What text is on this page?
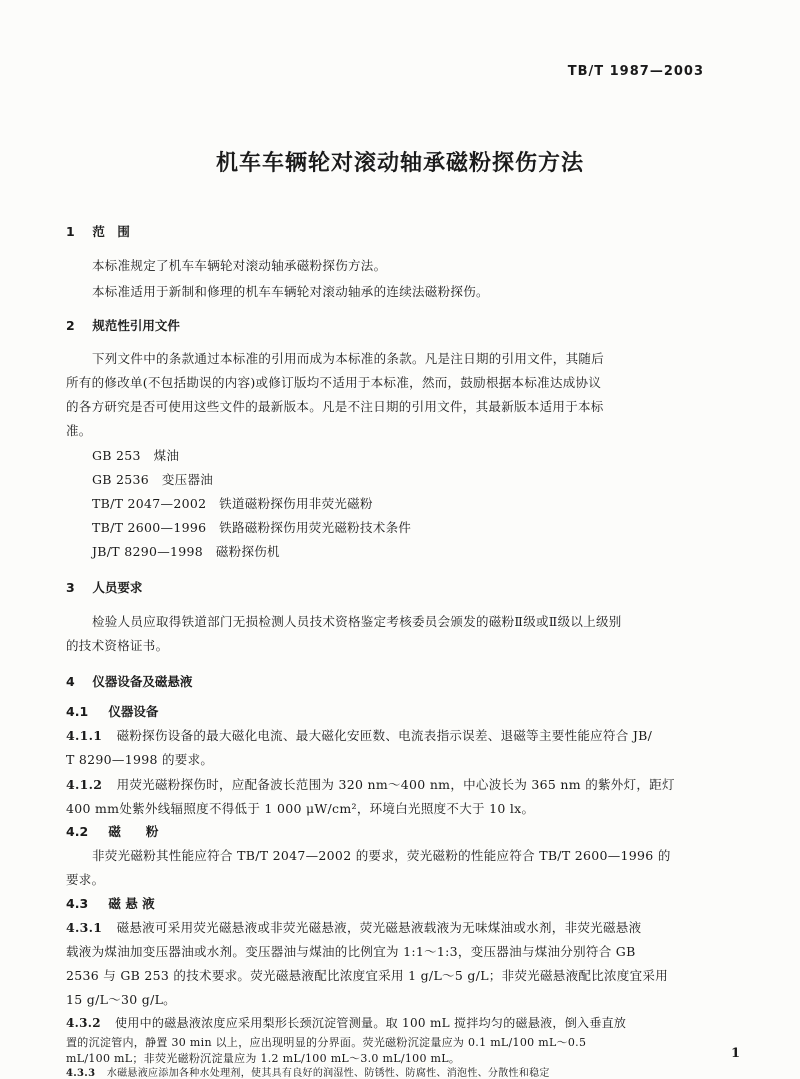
TB/T 1987—2003
机车车辆轮对滚动轴承磁粉探伤方法
1 范　围
本标准规定了机车车辆轮对滚动轴承磁粉探伤方法。
本标准适用于新制和修理的机车车辆轮对滚动轴承的连续法磁粉探伤。
2 规范性引用文件
下列文件中的条款通过本标准的引用而成为本标准的条款。凡是注日期的引用文件，其随后
所有的修改单(不包括勘误的内容)或修订版均不适用于本标准，然而，鼓励根据本标准达成协议
的各方研究是否可使用这些文件的最新版本。凡是不注日期的引用文件，其最新版本适用于本标
准。
GB 253　煤油
GB 2536　变压器油
TB/T 2047—2002　铁道磁粉探伤用非荧光磁粉
TB/T 2600—1996　铁路磁粉探伤用荧光磁粉技术条件
JB/T 8290—1998　磁粉探伤机
3 人员要求
检验人员应取得铁道部门无损检测人员技术资格鉴定考核委员会颁发的磁粉Ⅱ级或Ⅱ级以上级别
的技术资格证书。
4 仪器设备及磁悬液
4.1 仪器设备
4.1.1 磁粉探伤设备的最大磁化电流、最大磁化安匝数、电流表指示误差、退磁等主要性能应符合 JB/
T 8290—1998 的要求。
4.1.2 用荧光磁粉探伤时，应配备波长范围为 320 nm～400 nm，中心波长为 365 nm 的紫外灯，距灯
400 mm处紫外线辐照度不得低于 1 000 μW/cm²，环境白光照度不大于 10 lx。
4.2 磁　　粉
非荧光磁粉其性能应符合 TB/T 2047—2002 的要求，荧光磁粉的性能应符合 TB/T 2600—1996 的
要求。
4.3 磁 悬 液
4.3.1 磁悬液可采用荧光磁悬液或非荧光磁悬液，荧光磁悬液载液为无味煤油或水剂，非荧光磁悬液
载液为煤油加变压器油或水剂。变压器油与煤油的比例宜为 1:1～1:3，变压器油与煤油分别符合 GB
2536 与 GB 253 的技术要求。荧光磁悬液配比浓度宜采用 1 g/L～5 g/L；非荧光磁悬液配比浓度宜采用
15 g/L～30 g/L。
4.3.2 使用中的磁悬液浓度应采用梨形长颈沉淀管测量。取 100 mL 搅拌均匀的磁悬液，倒入垂直放
置的沉淀管内，静置 30 min 以上，应出现明显的分界面。荧光磁粉沉淀量应为 0.1 mL/100 mL～0.5
mL/100 mL；非荧光磁粉沉淀量应为 1.2 mL/100 mL～3.0 mL/100 mL。
4.3.3 水磁悬液应添加各种水处理剂，使其具有良好的润湿性、防锈性、防腐性、消泡性、分散性和稳定
1
